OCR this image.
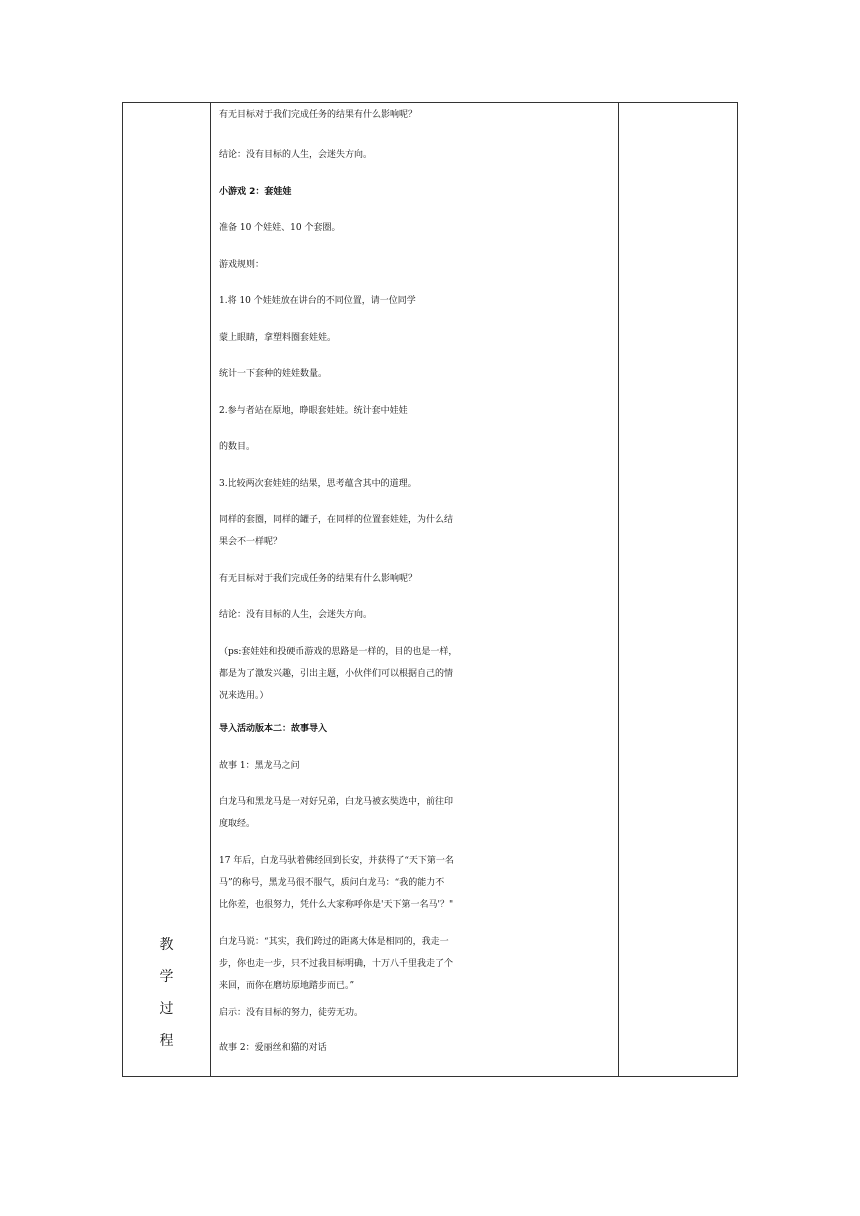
教
学
过
程
有无目标对于我们完成任务的结果有什么影响呢？
结论：没有目标的人生，会迷失方向。
小游戏 2：套娃娃
准备 10 个娃娃、10 个套圈。
游戏规则：
1.将 10 个娃娃放在讲台的不同位置，请一位同学
蒙上眼睛，拿塑料圈套娃娃。
统计一下套种的娃娃数量。
2.参与者站在原地，睁眼套娃娃。统计套中娃娃
的数目。
3.比较两次套娃娃的结果，思考蕴含其中的道理。
同样的套圈，同样的罐子，在同样的位置套娃娃，为什么结
果会不一样呢？
有无目标对于我们完成任务的结果有什么影响呢？
结论：没有目标的人生，会迷失方向。
（ps:套娃娃和投硬币游戏的思路是一样的，目的也是一样，
都是为了激发兴趣，引出主题，小伙伴们可以根据自己的情
况来选用。）
导入活动版本二：故事导入
故事 1：黑龙马之问
白龙马和黑龙马是一对好兄弟，白龙马被玄奘选中，前往印
度取经。
17 年后，白龙马驮着佛经回到长安，并获得了“天下第一名
马”的称号，黑龙马很不服气，质问白龙马：“我的能力不
比你差，也很努力，凭什么大家称呼你是'天下第一名马'？"
白龙马说：“其实，我们跨过的距离大体是相同的，我走一
步，你也走一步，只不过我目标明确，十万八千里我走了个
来回，而你在磨坊原地踏步而已。”
启示：没有目标的努力，徒劳无功。
故事 2：爱丽丝和猫的对话
